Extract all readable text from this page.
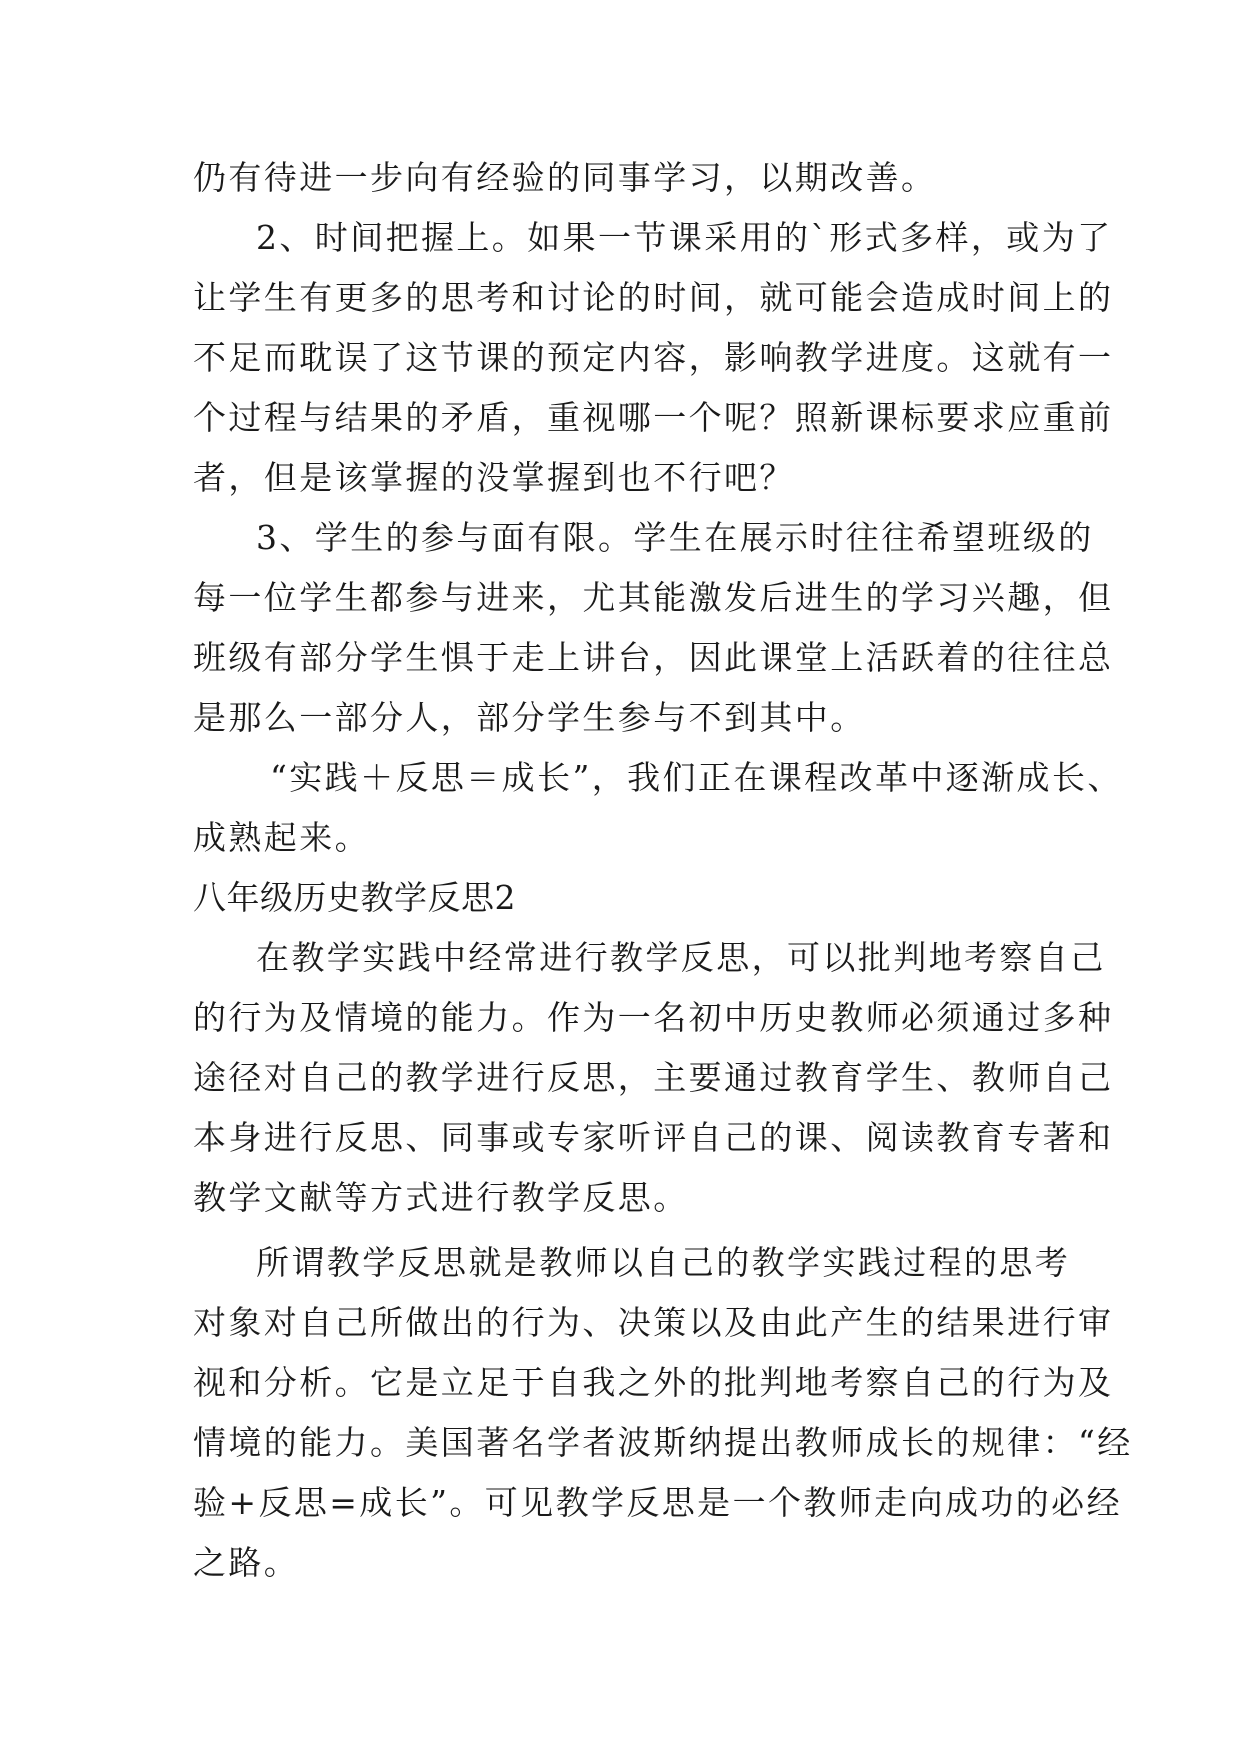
仍有待进一步向有经验的同事学习，以期改善。
2、时间把握上。如果一节课采用的`形式多样，或为了
让学生有更多的思考和讨论的时间，就可能会造成时间上的
不足而耽误了这节课的预定内容，影响教学进度。这就有一
个过程与结果的矛盾，重视哪一个呢？照新课标要求应重前
者，但是该掌握的没掌握到也不行吧？
3、学生的参与面有限。学生在展示时往往希望班级的
每一位学生都参与进来，尤其能激发后进生的学习兴趣，但
班级有部分学生惧于走上讲台，因此课堂上活跃着的往往总
是那么一部分人，部分学生参与不到其中。
“实践＋反思＝成长”，我们正在课程改革中逐渐成长、
成熟起来。
八年级历史教学反思2
在教学实践中经常进行教学反思，可以批判地考察自己
的行为及情境的能力。作为一名初中历史教师必须通过多种
途径对自己的教学进行反思，主要通过教育学生、教师自己
本身进行反思、同事或专家听评自己的课、阅读教育专著和
教学文献等方式进行教学反思。
所谓教学反思就是教师以自己的教学实践过程的思考
对象对自己所做出的行为、决策以及由此产生的结果进行审
视和分析。它是立足于自我之外的批判地考察自己的行为及
情境的能力。美国著名学者波斯纳提出教师成长的规律：“经
验+反思=成长”。可见教学反思是一个教师走向成功的必经
之路。
